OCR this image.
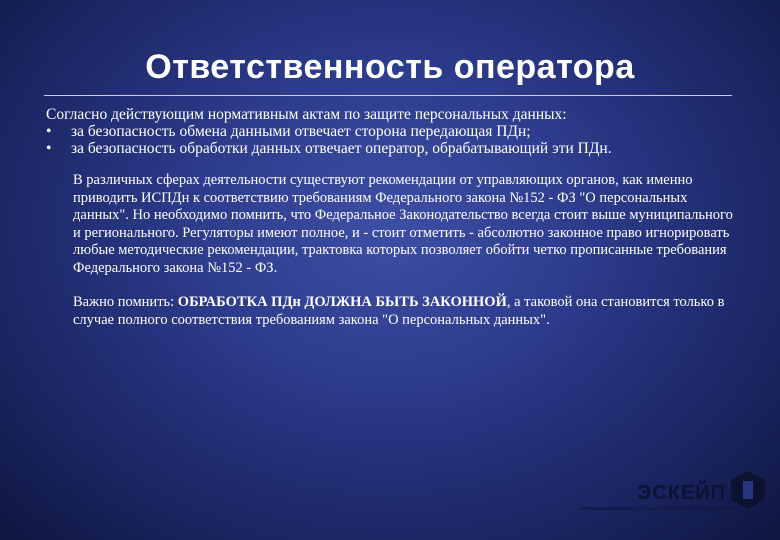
Ответственность оператора

Согласно действующим нормативным актам по защите персональных данных:

• за безопасность обмена данными отвечает сторона передающая ПДн;
• за безопасность обработки данных отвечает оператор, обрабатывающий эти ПДн.

В различных сферах деятельности существуют рекомендации от управляющих органов, как именно приводить ИСПДн к соответствию требованиям Федерального закона №152 - ФЗ "О персональных данных". Но необходимо помнить, что Федеральное Законодательство всегда стоит выше муниципального и регионального. Регуляторы имеют полное, и - стоит отметить - абсолютно законное право игнорировать любые методические рекомендации, трактовка которых позволяет обойти четко прописанные требования Федерального закона №152 - ФЗ.

Важно помнить: ОБРАБОТКА ПДн ДОЛЖНА БЫТЬ ЗАКОННОЙ, а таковой она становится только в случае полного соответствия требованиям закона "О персональных данных".

ЭСКЕЙП
автоматизированные системы УПРАВЛЕНИЯ предприятием
